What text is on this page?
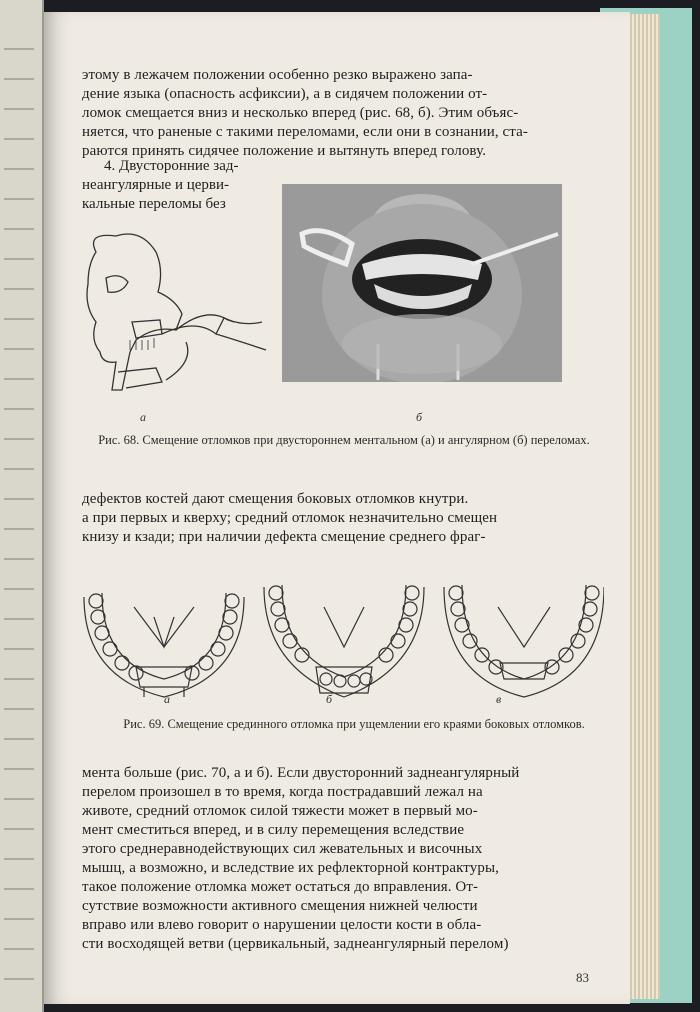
этому в лежачем положении особенно резко выражено запа-

дение языка (опасность асфиксии), а в сидячем положении от-

ломок смещается вниз и несколько вперед (рис. 68, б). Этим объяс-

няется, что раненые с такими переломами, если они в сознании, ста-

раются принять сидячее положение и вытянуть вперед голову.

4. Двусторонние зад-

неангулярные и церви-

кальные переломы без

а	б
Рис. 68. Смещение отломков при двустороннем ментальном (а) и ангулярном (б) переломах.

дефектов костей дают смещения боковых отломков кнутри.

а при первых и кверху; средний отломок незначительно смещен

книзу и кзади; при наличии дефекта смещение среднего фраг-

а	б	в
Рис. 69. Смещение срединного отломка при ущемлении его краями боковых отломков.

мента больше (рис. 70, а и б). Если двусторонний заднеангулярный

перелом произошел в то время, когда пострадавший лежал на

животе, средний отломок силой тяжести может в первый мо-

мент сместиться вперед, и в силу перемещения вследствие

этого среднеравнодействующих сил жевательных и височных

мышц, а возможно, и вследствие их рефлекторной контрактуры,

такое положение отломка может остаться до вправления. От-

сутствие возможности активного смещения нижней челюсти

вправо или влево говорит о нарушении целости кости в обла-

сти восходящей ветви (цервикальный, заднеангулярный перелом)

83
